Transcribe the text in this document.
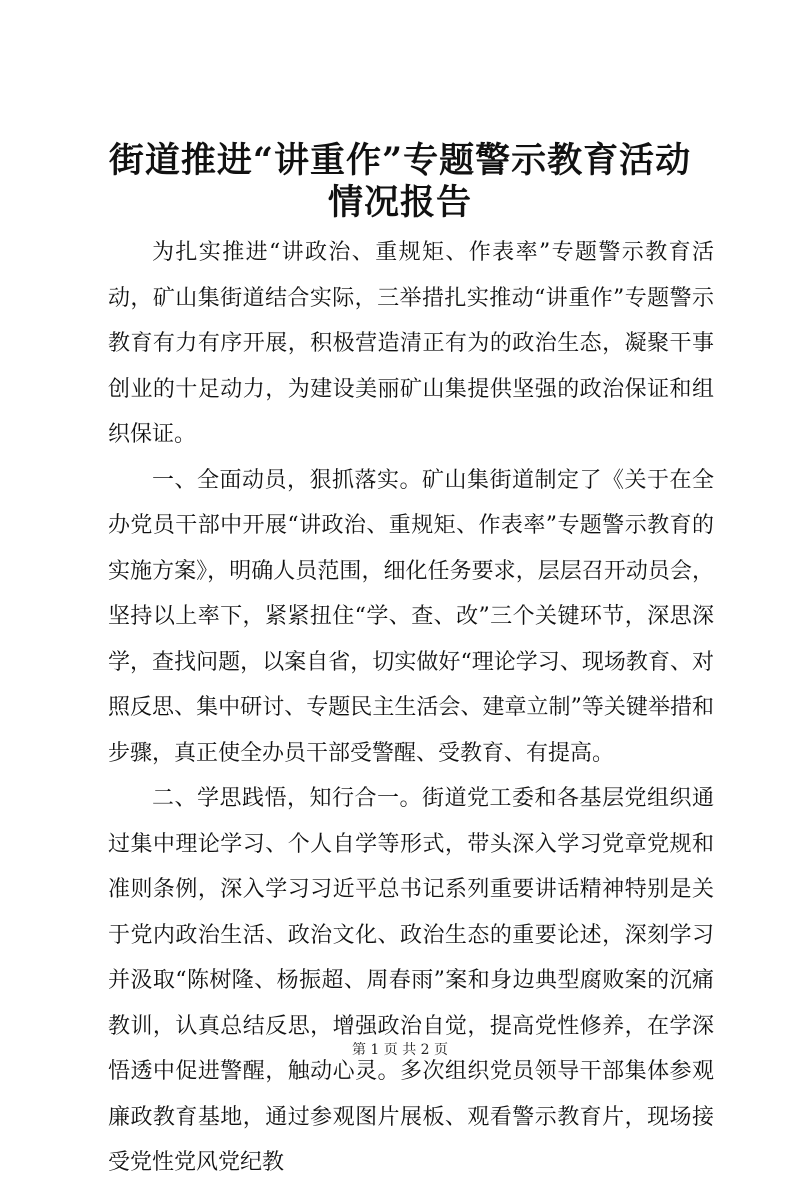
街道推进“讲重作”专题警示教育活动情况报告

为扎实推进“讲政治、重规矩、作表率”专题警示教育活动，矿山集街道结合实际，三举措扎实推动“讲重作”专题警示教育有力有序开展，积极营造清正有为的政治生态，凝聚干事创业的十足动力，为建设美丽矿山集提供坚强的政治保证和组织保证。

一、全面动员，狠抓落实。矿山集街道制定了《关于在全办党员干部中开展“讲政治、重规矩、作表率”专题警示教育的实施方案》，明确人员范围，细化任务要求，层层召开动员会，坚持以上率下，紧紧扭住“学、查、改”三个关键环节，深思深学，查找问题，以案自省，切实做好“理论学习、现场教育、对照反思、集中研讨、专题民主生活会、建章立制”等关键举措和步骤，真正使全办员干部受警醒、受教育、有提高。

二、学思践悟，知行合一。街道党工委和各基层党组织通过集中理论学习、个人自学等形式，带头深入学习党章党规和准则条例，深入学习习近平总书记系列重要讲话精神特别是关于党内政治生活、政治文化、政治生态的重要论述，深刻学习并汲取“陈树隆、杨振超、周春雨”案和身边典型腐败案的沉痛教训，认真总结反思，增强政治自觉，提高党性修养，在学深悟透中促进警醒，触动心灵。多次组织党员领导干部集体参观廉政教育基地，通过参观图片展板、观看警示教育片，现场接受党性党风党纪教

第 1 页 共 2 页
